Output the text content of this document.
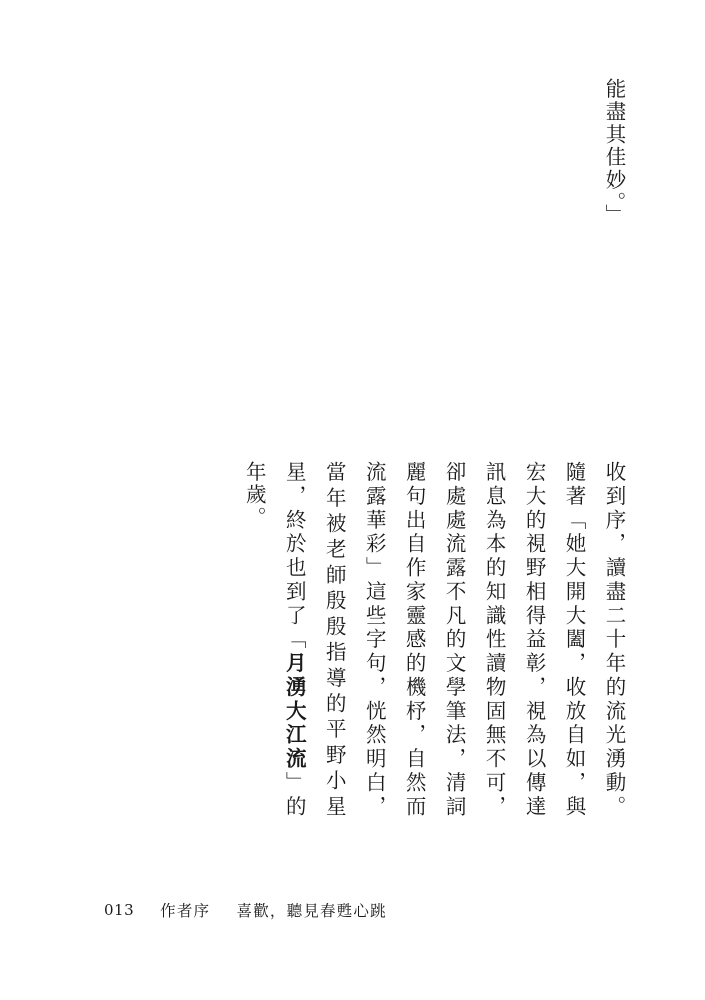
能盡其佳妙。」
收到序，讀盡二十年的流光湧動。隨著「她大開大闔，收放自如，與宏大的視野相得益彰，視為以傳達訊息為本的知識性讀物固無不可，卻處處流露不凡的文學筆法，清詞麗句出自作家靈感的機杼，自然而流露華彩」這些字句，恍然明白，當年被老師殷殷指導的平野小星星，終於也到了「月湧大江流」的年歲。
013 作者序 喜歡，聽見春甦心跳
